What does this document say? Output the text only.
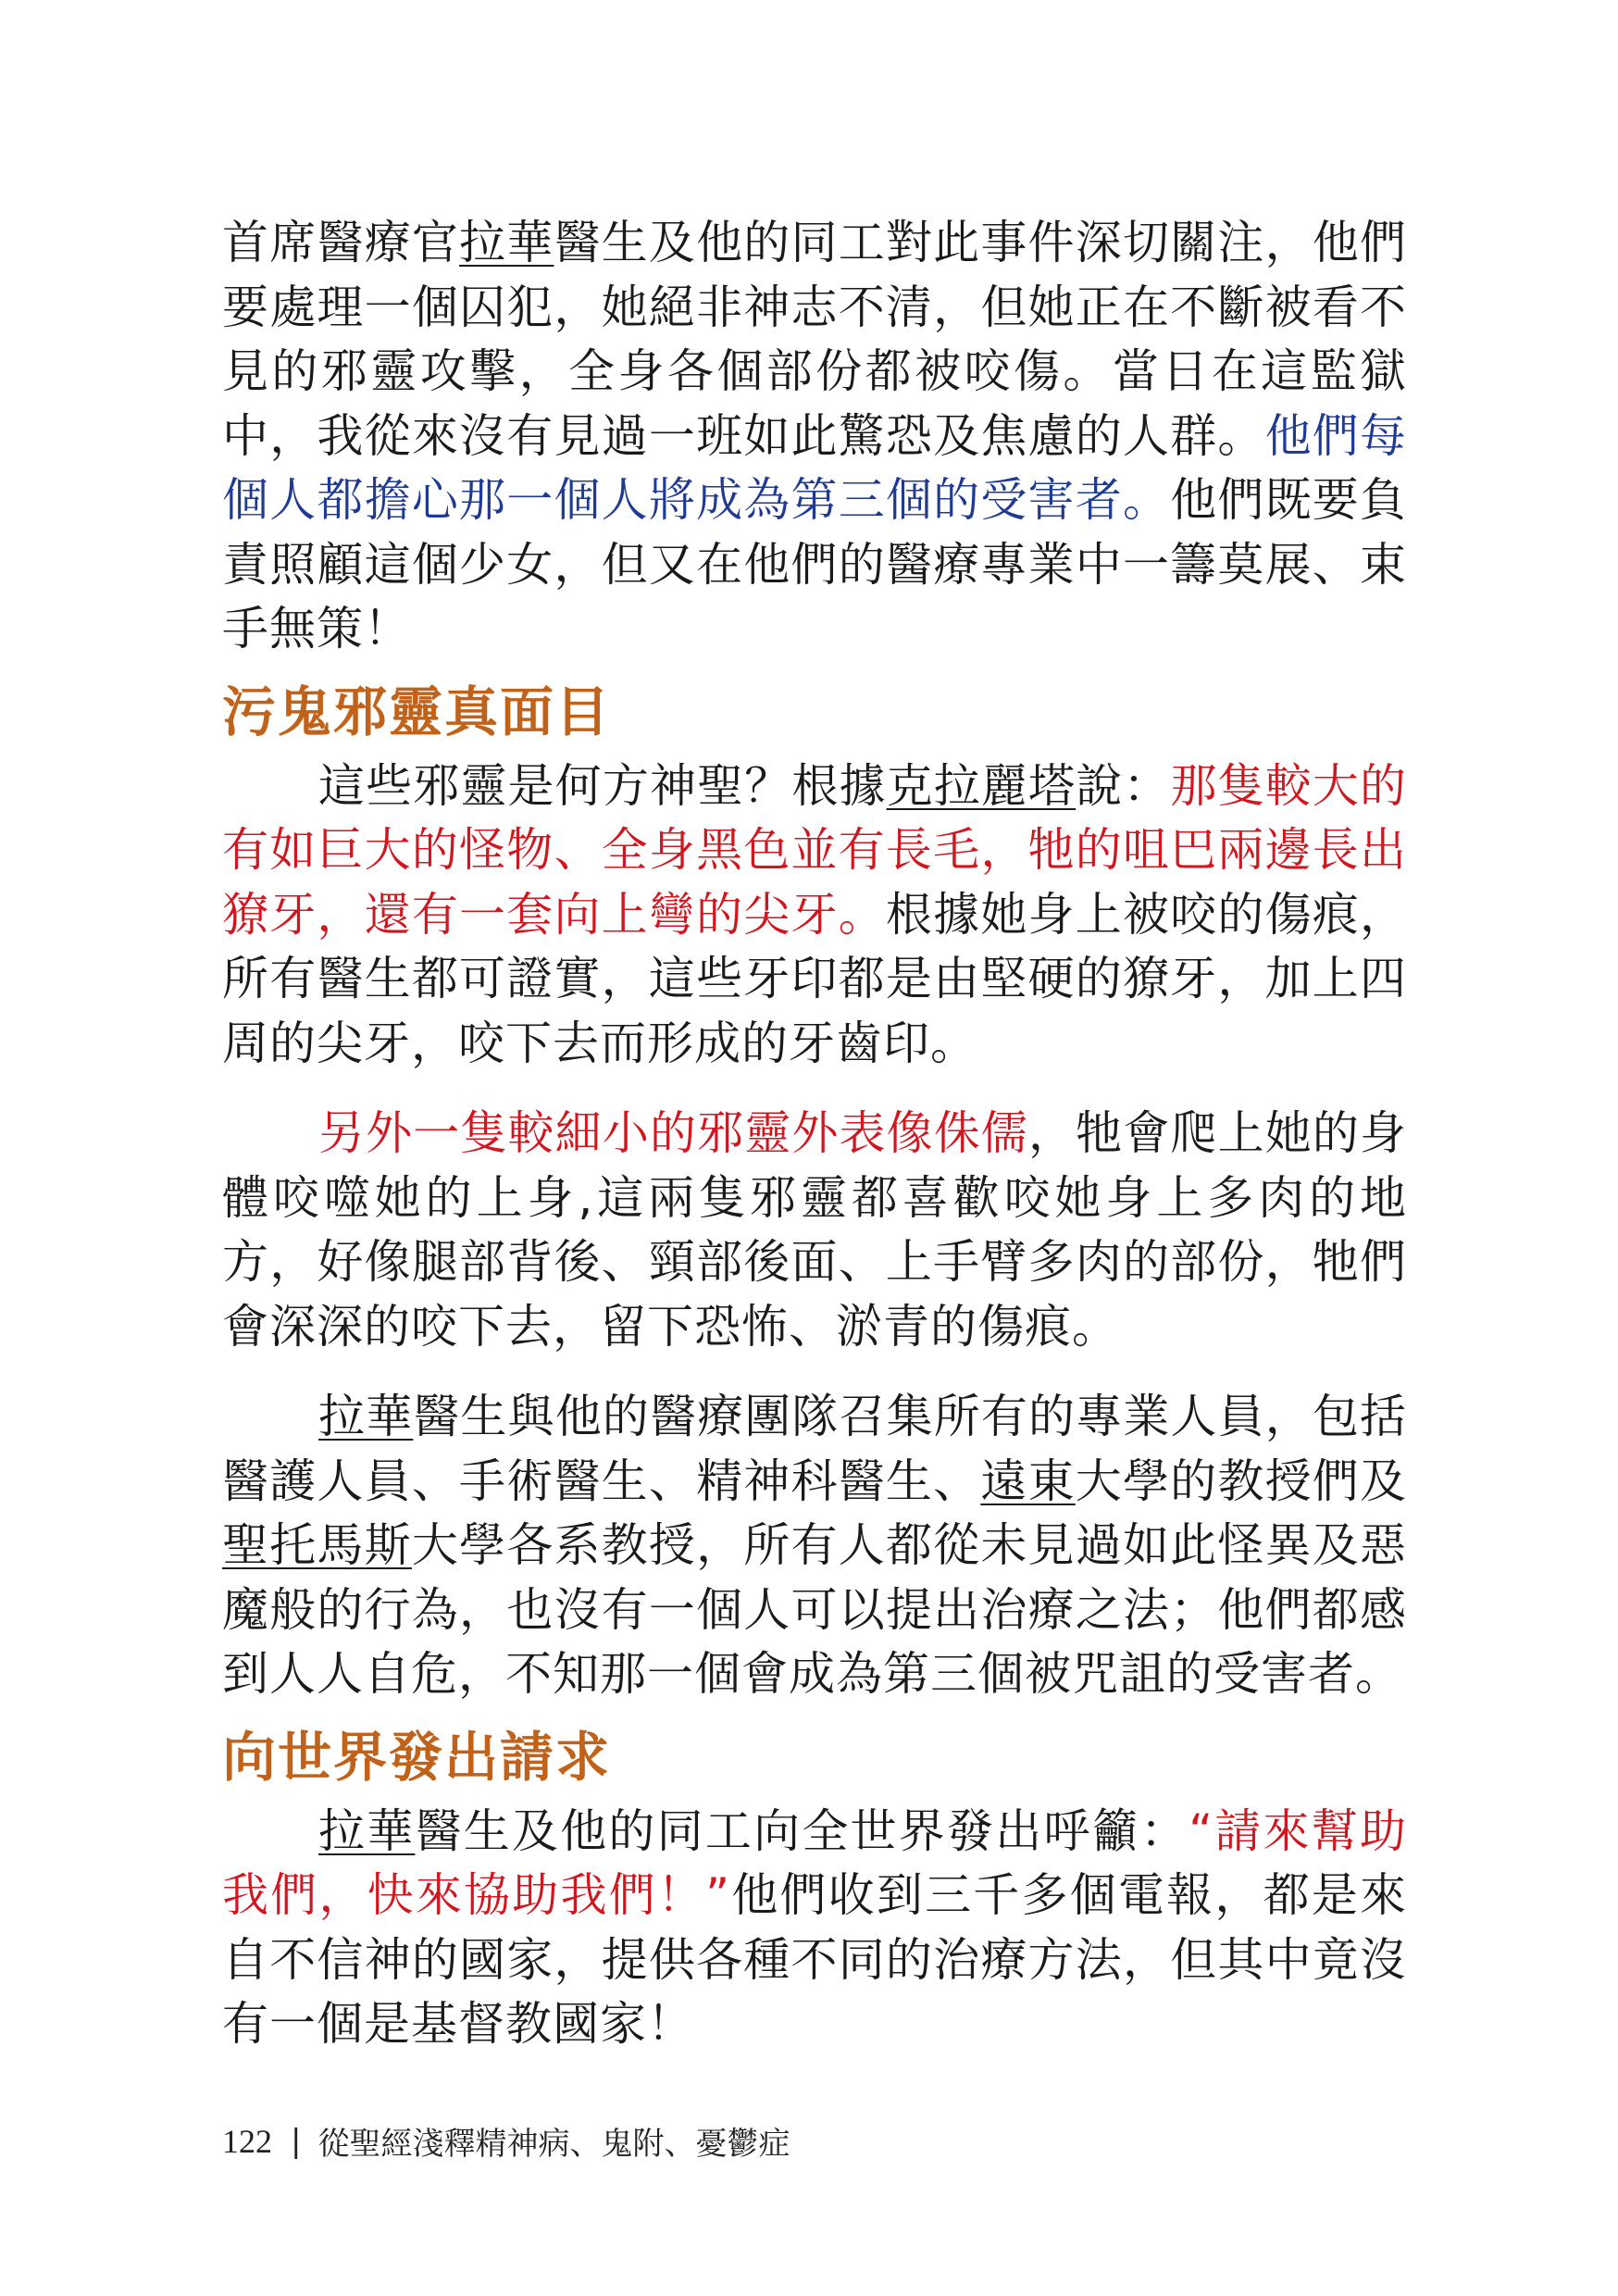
首席醫療官拉華醫生及他的同工對此事件深切關注，他們要處理一個囚犯，她絕非神志不清，但她正在不斷被看不見的邪靈攻擊，全身各個部份都被咬傷。當日在這監獄中，我從來沒有見過一班如此驚恐及焦慮的人群。他們每個人都擔心那一個人將成為第三個的受害者。他們既要負責照顧這個少女，但又在他們的醫療專業中一籌莫展、束手無策！

污鬼邪靈真面目

這些邪靈是何方神聖？根據克拉麗塔說：那隻較大的有如巨大的怪物、全身黑色並有長毛，牠的咀巴兩邊長出獠牙，還有一套向上彎的尖牙。根據她身上被咬的傷痕，所有醫生都可證實，這些牙印都是由堅硬的獠牙，加上四周的尖牙，咬下去而形成的牙齒印。

另外一隻較細小的邪靈外表像侏儒，牠會爬上她的身體咬噬她的上身,這兩隻邪靈都喜歡咬她身上多肉的地方，好像腿部背後、頸部後面、上手臂多肉的部份，牠們會深深的咬下去，留下恐怖、淤青的傷痕。

拉華醫生與他的醫療團隊召集所有的專業人員，包括醫護人員、手術醫生、精神科醫生、遠東大學的教授們及聖托馬斯大學各系教授，所有人都從未見過如此怪異及惡魔般的行為，也沒有一個人可以提出治療之法；他們都感到人人自危，不知那一個會成為第三個被咒詛的受害者。

向世界發出請求

拉華醫生及他的同工向全世界發出呼籲：“請來幫助我們，快來協助我們！”他們收到三千多個電報，都是來自不信神的國家，提供各種不同的治療方法，但其中竟沒有一個是基督教國家！

122 | 從聖經淺釋精神病、鬼附、憂鬱症
